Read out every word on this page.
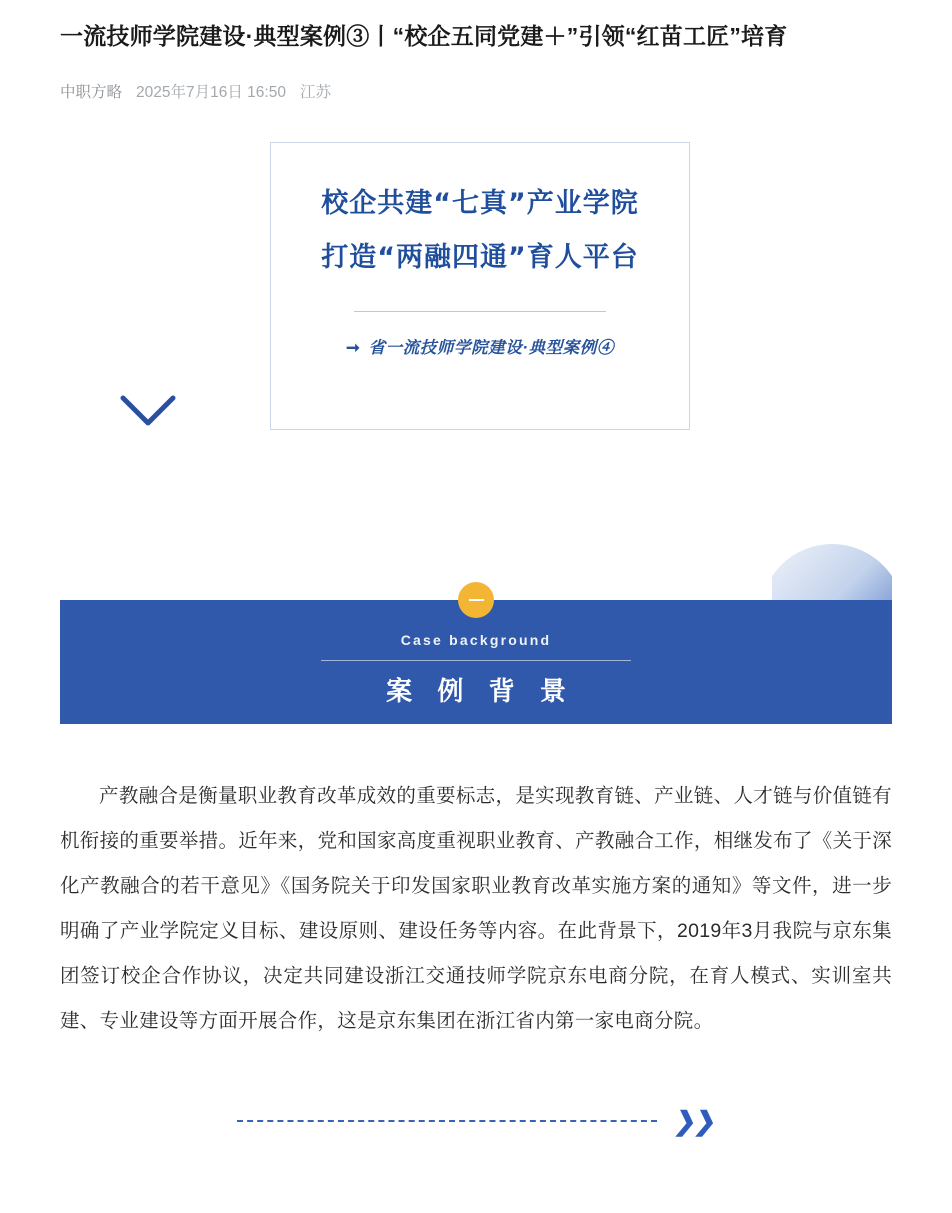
一流技师学院建设·典型案例③丨“校企五同党建＋”引领“红苗工匠”培育
中职方略 2025年7月16日 16:50 江苏
校企共建“七真”产业学院
打造“两融四通”育人平台
➞ 省一流技师学院建设·典型案例④
Case background
案 例 背 景

产教融合是衡量职业教育改革成效的重要标志，是实现教育链、产业链、人才链与价值链有机衔接的重要举措。近年来，党和国家高度重视职业教育、产教融合工作，相继发布了《关于深化产教融合的若干意见》《国务院关于印发国家职业教育改革实施方案的通知》等文件，进一步明确了产业学院定义目标、建设原则、建设任务等内容。在此背景下，2019年3月我院与京东集团签订校企合作协议，决定共同建设浙江交通技师学院京东电商分院，在育人模式、实训室共建、专业建设等方面开展合作，这是京东集团在浙江省内第一家电商分院。

❯❯
